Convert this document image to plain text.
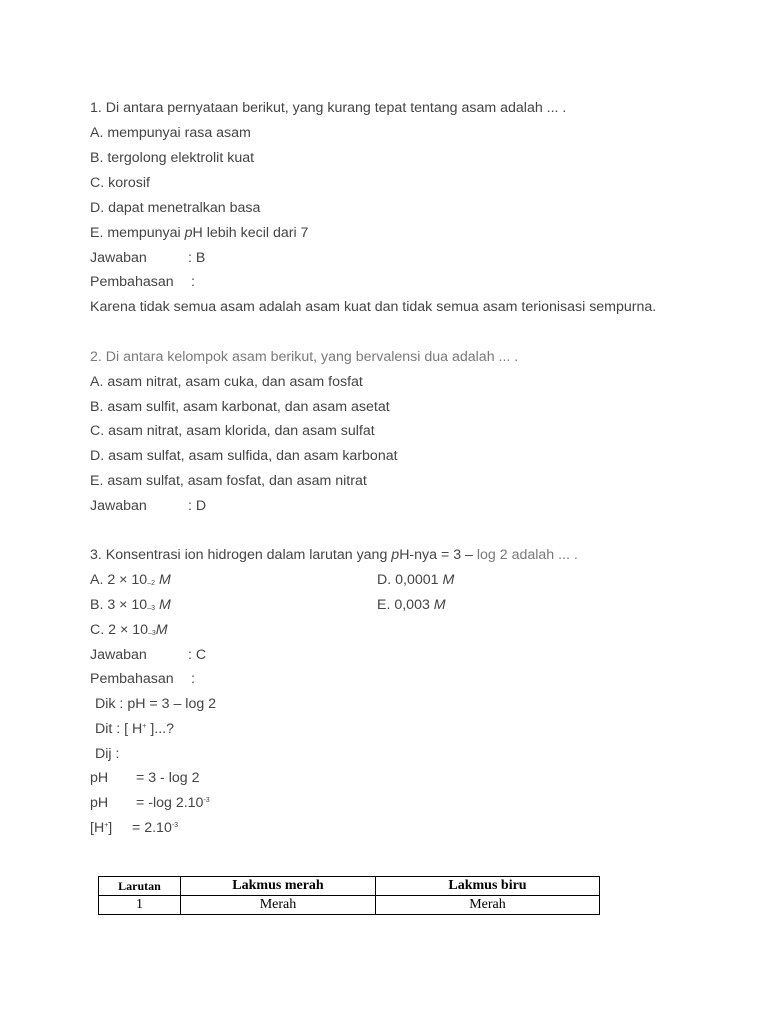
1. Di antara pernyataan berikut, yang kurang tepat tentang asam adalah ... .
A. mempunyai rasa asam
B. tergolong elektrolit kuat
C. korosif
D. dapat menetralkan basa
E. mempunyai pH lebih kecil dari 7
Jawaban	: B
Pembahasan :
Karena tidak semua asam adalah asam kuat dan tidak semua asam terionisasi sempurna.
2. Di antara kelompok asam berikut, yang bervalensi dua adalah ... .
A. asam nitrat, asam cuka, dan asam fosfat
B. asam sulfit, asam karbonat, dan asam asetat
C. asam nitrat, asam klorida, dan asam sulfat
D. asam sulfat, asam sulfida, dan asam karbonat
E. asam sulfat, asam fosfat, dan asam nitrat
Jawaban	: D
3. Konsentrasi ion hidrogen dalam larutan yang pH-nya = 3 – log 2 adalah ... .
A. $2 \times 10_{-2}$ M	D. 0,0001 M
B. $3 \times 10_{-3}$ M	E. 0,003 M
C. $2 \times 10_{-3}M$
Jawaban	: C
Pembahasan :
Dik : pH = 3 – log 2
Dit : [ H+ ]...?
Dij :
pH = 3 - log 2
pH = -log $2.10^{-3}$
$[H^+] = 2.10^{-3}$
Larutan	Lakmus merah	Lakmus biru
1	Merah	Merah
